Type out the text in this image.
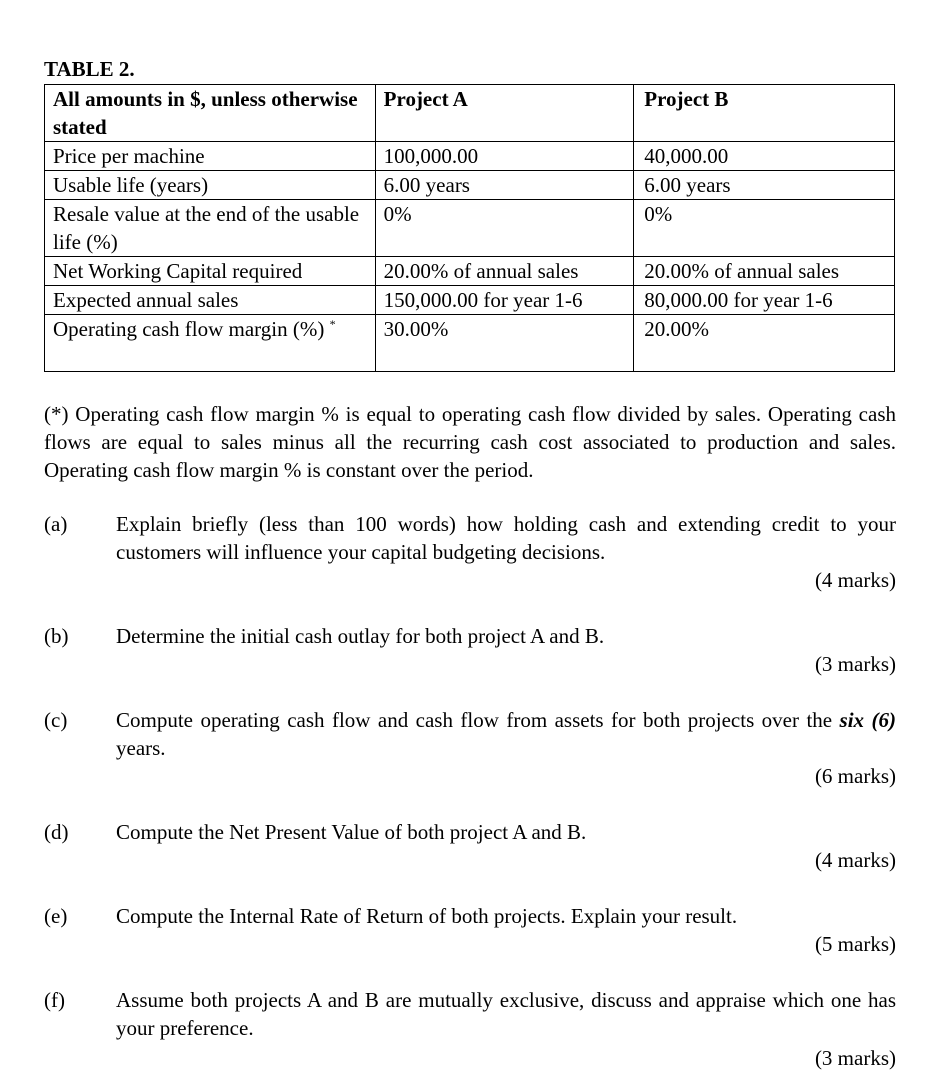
TABLE 2.

All amounts in $, unless otherwise stated	Project A	Project B
Price per machine	100,000.00	40,000.00
Usable life (years)	6.00 years	6.00 years
Resale value at the end of the usable life (%)	0%	0%
Net Working Capital required	20.00% of annual sales	20.00% of annual sales
Expected annual sales	150,000.00 for year 1-6	80,000.00 for year 1-6
Operating cash flow margin (%) *	30.00%	20.00%

(*) Operating cash flow margin % is equal to operating cash flow divided by sales. Operating cash flows are equal to sales minus all the recurring cash cost associated to production and sales. Operating cash flow margin % is constant over the period.

(a) Explain briefly (less than 100 words) how holding cash and extending credit to your customers will influence your capital budgeting decisions.
(4 marks)
(b) Determine the initial cash outlay for both project A and B.
(3 marks)
(c) Compute operating cash flow and cash flow from assets for both projects over the six (6) years.
(6 marks)
(d) Compute the Net Present Value of both project A and B.
(4 marks)
(e) Compute the Internal Rate of Return of both projects. Explain your result.
(5 marks)
(f) Assume both projects A and B are mutually exclusive, discuss and appraise which one has your preference.
(3 marks)
